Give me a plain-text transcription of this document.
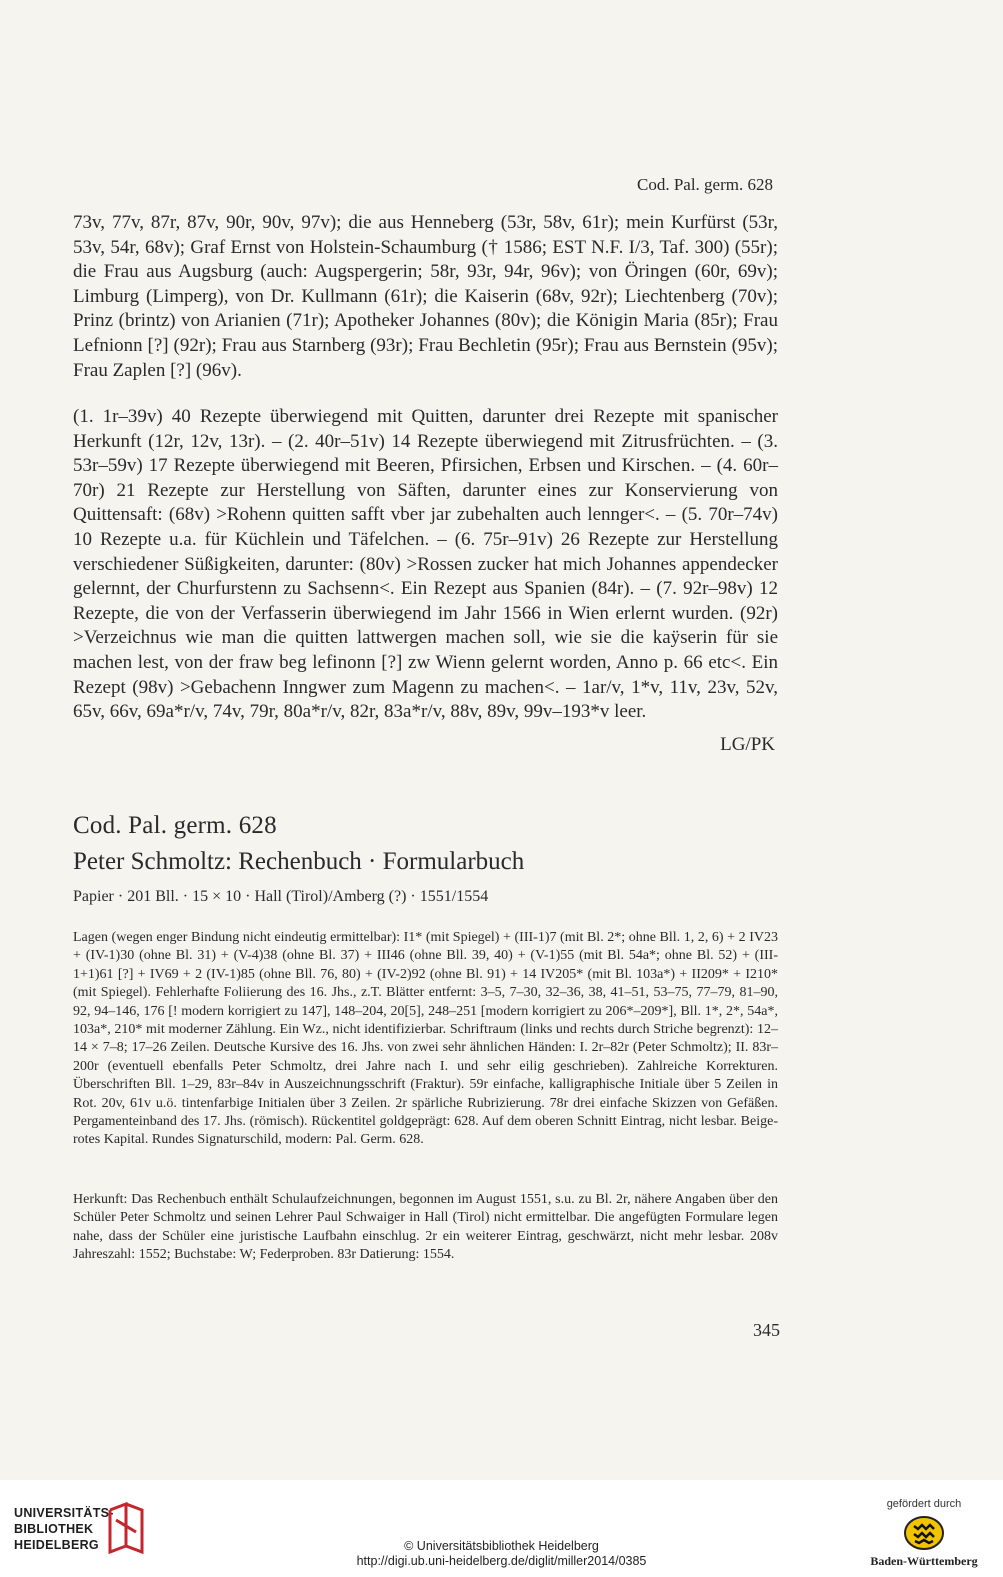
Cod. Pal. germ. 628

73v, 77v, 87r, 87v, 90r, 90v, 97v); die aus Henneberg (53r, 58v, 61r); mein Kurfürst (53r, 53v, 54r, 68v); Graf Ernst von Holstein-Schaumburg († 1586; EST N.F. I/3, Taf. 300) (55r); die Frau aus Augsburg (auch: Augspergerin; 58r, 93r, 94r, 96v); von Öringen (60r, 69v); Limburg (Limperg), von Dr. Kullmann (61r); die Kaiserin (68v, 92r); Liechtenberg (70v); Prinz (brintz) von Arianien (71r); Apotheker Johannes (80v); die Königin Maria (85r); Frau Lefnionn [?] (92r); Frau aus Starnberg (93r); Frau Bechletin (95r); Frau aus Bernstein (95v); Frau Zaplen [?] (96v).

(1. 1r–39v) 40 Rezepte überwiegend mit Quitten, darunter drei Rezepte mit spanischer Herkunft (12r, 12v, 13r). – (2. 40r–51v) 14 Rezepte überwiegend mit Zitrusfrüchten. – (3. 53r–59v) 17 Rezepte überwiegend mit Beeren, Pfirsichen, Erbsen und Kirschen. – (4. 60r–70r) 21 Rezepte zur Herstellung von Säften, darunter eines zur Konservierung von Quittensaft: (68v) >Rohenn quitten safft vber jar zubehalten auch lennger<. – (5. 70r–74v) 10 Rezepte u.a. für Küchlein und Täfelchen. – (6. 75r–91v) 26 Rezepte zur Herstellung verschiedener Süßigkeiten, darunter: (80v) >Rossen zucker hat mich Johannes appendecker gelernnt, der Churfurstenn zu Sachsenn<. Ein Rezept aus Spanien (84r). – (7. 92r–98v) 12 Rezepte, die von der Verfasserin überwiegend im Jahr 1566 in Wien erlernt wurden. (92r) >Verzeichnus wie man die quitten lattwergen machen soll, wie sie die kaÿserin für sie machen lest, von der fraw beg lefinonn [?] zw Wienn gelernt worden, Anno p. 66 etc<. Ein Rezept (98v) >Gebachenn Inngwer zum Magenn zu machen<. – 1ar/v, 1*v, 11v, 23v, 52v, 65v, 66v, 69a*r/v, 74v, 79r, 80a*r/v, 82r, 83a*r/v, 88v, 89v, 99v–193*v leer.

LG/PK
Cod. Pal. germ. 628
Peter Schmoltz: Rechenbuch · Formularbuch
Papier · 201 Bll. · 15 × 10 · Hall (Tirol)/Amberg (?) · 1551/1554

Lagen (wegen enger Bindung nicht eindeutig ermittelbar): I1* (mit Spiegel) + (III-1)7 (mit Bl. 2*; ohne Bll. 1, 2, 6) + 2 IV23 + (IV-1)30 (ohne Bl. 31) + (V-4)38 (ohne Bl. 37) + III46 (ohne Bll. 39, 40) + (V-1)55 (mit Bl. 54a*; ohne Bl. 52) + (III-1+1)61 [?] + IV69 + 2 (IV-1)85 (ohne Bll. 76, 80) + (IV-2)92 (ohne Bl. 91) + 14 IV205* (mit Bl. 103a*) + II209* + I210* (mit Spiegel). Fehlerhafte Foliierung des 16. Jhs., z.T. Blätter entfernt: 3–5, 7–30, 32–36, 38, 41–51, 53–75, 77–79, 81–90, 92, 94–146, 176 [! modern korrigiert zu 147], 148–204, 20[5], 248–251 [modern korrigiert zu 206*–209*], Bll. 1*, 2*, 54a*, 103a*, 210* mit moderner Zählung. Ein Wz., nicht identifizierbar. Schriftraum (links und rechts durch Striche begrenzt): 12–14 × 7–8; 17–26 Zeilen. Deutsche Kursive des 16. Jhs. von zwei sehr ähnlichen Händen: I. 2r–82r (Peter Schmoltz); II. 83r–200r (eventuell ebenfalls Peter Schmoltz, drei Jahre nach I. und sehr eilig geschrieben). Zahlreiche Korrekturen. Überschriften Bll. 1–29, 83r–84v in Auszeichnungsschrift (Fraktur). 59r einfache, kalligraphische Initiale über 5 Zeilen in Rot. 20v, 61v u.ö. tintenfarbige Initialen über 3 Zeilen. 2r spärliche Rubrizierung. 78r drei einfache Skizzen von Gefäßen. Pergamenteinband des 17. Jhs. (römisch). Rückentitel goldgeprägt: 628. Auf dem oberen Schnitt Eintrag, nicht lesbar. Beige-rotes Kapital. Rundes Signaturschild, modern: Pal. Germ. 628.

Herkunft: Das Rechenbuch enthält Schulaufzeichnungen, begonnen im August 1551, s.u. zu Bl. 2r, nähere Angaben über den Schüler Peter Schmoltz und seinen Lehrer Paul Schwaiger in Hall (Tirol) nicht ermittelbar. Die angefügten Formulare legen nahe, dass der Schüler eine juristische Laufbahn einschlug. 2r ein weiterer Eintrag, geschwärzt, nicht mehr lesbar. 208v Jahreszahl: 1552; Buchstabe: W; Federproben. 83r Datierung: 1554.

345
UNIVERSITÄTS-
BIBLIOTHEK
HEIDELBERG	© Universitätsbibliothek Heidelberg
http://digi.ub.uni-heidelberg.de/diglit/miller2014/0385
gefördert durch
Baden-Württemberg
